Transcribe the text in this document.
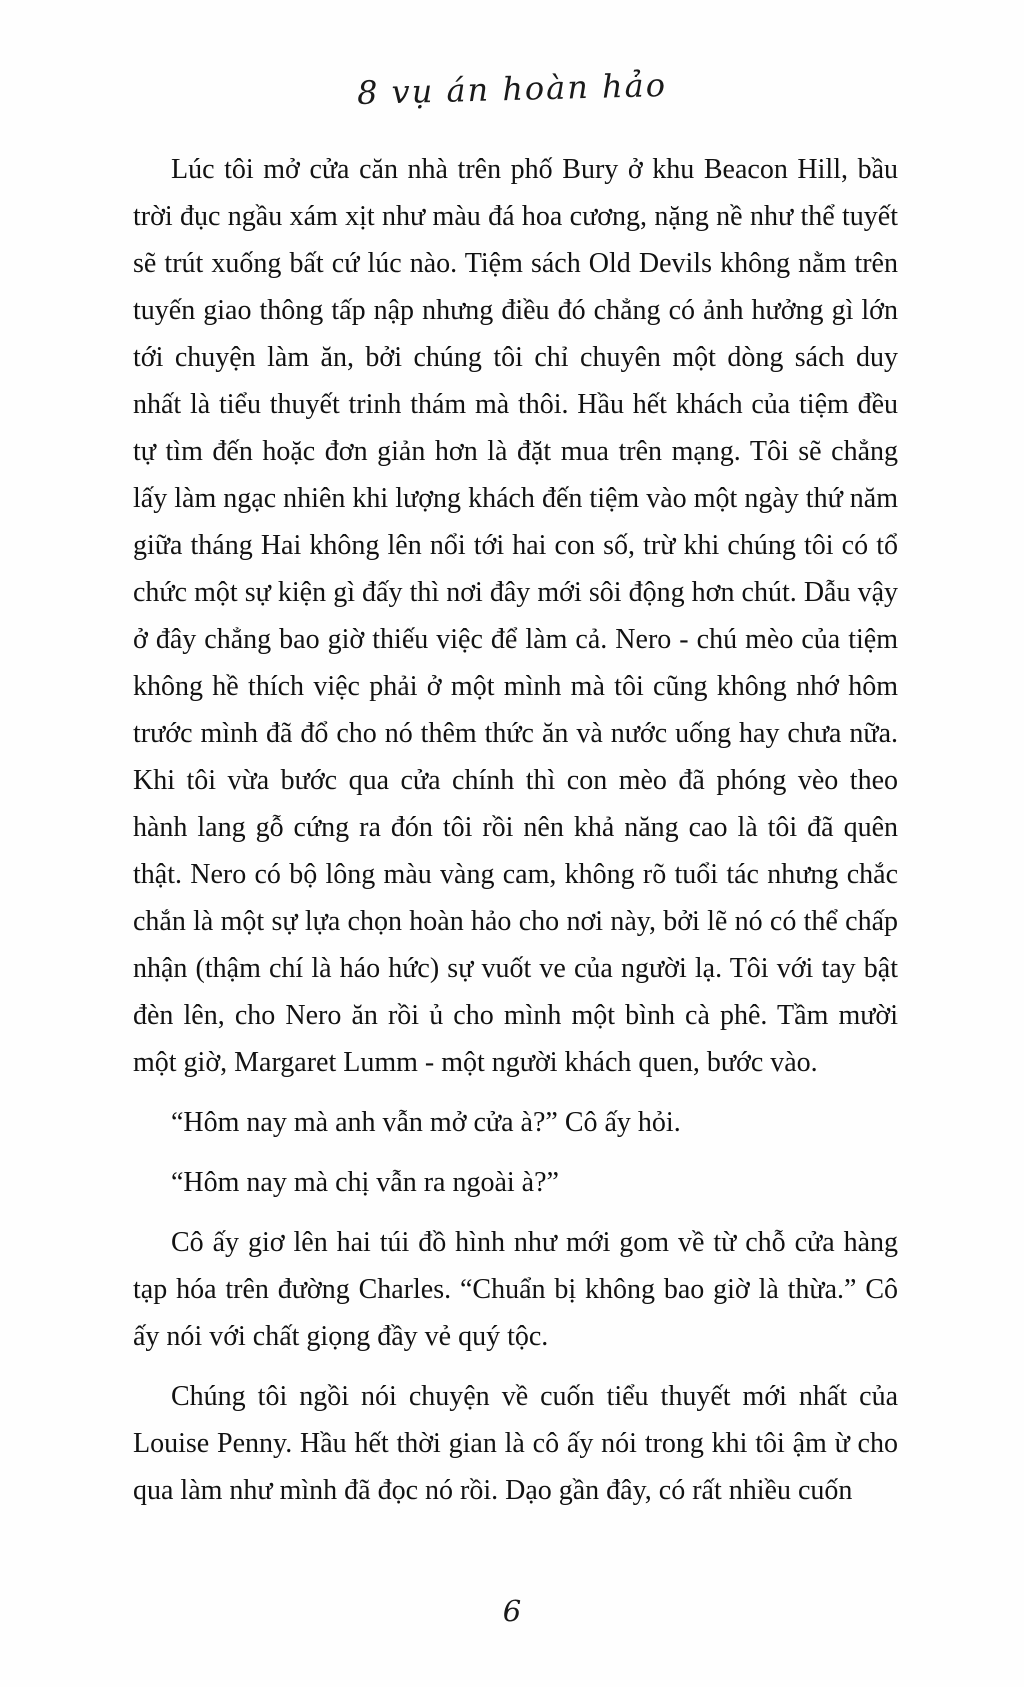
8 vụ án hoàn hảo

Lúc tôi mở cửa căn nhà trên phố Bury ở khu Beacon Hill, bầu trời đục ngầu xám xịt như màu đá hoa cương, nặng nề như thể tuyết sẽ trút xuống bất cứ lúc nào. Tiệm sách Old Devils không nằm trên tuyến giao thông tấp nập nhưng điều đó chẳng có ảnh hưởng gì lớn tới chuyện làm ăn, bởi chúng tôi chỉ chuyên một dòng sách duy nhất là tiểu thuyết trinh thám mà thôi. Hầu hết khách của tiệm đều tự tìm đến hoặc đơn giản hơn là đặt mua trên mạng. Tôi sẽ chẳng lấy làm ngạc nhiên khi lượng khách đến tiệm vào một ngày thứ năm giữa tháng Hai không lên nổi tới hai con số, trừ khi chúng tôi có tổ chức một sự kiện gì đấy thì nơi đây mới sôi động hơn chút. Dẫu vậy ở đây chẳng bao giờ thiếu việc để làm cả. Nero - chú mèo của tiệm không hề thích việc phải ở một mình mà tôi cũng không nhớ hôm trước mình đã đổ cho nó thêm thức ăn và nước uống hay chưa nữa. Khi tôi vừa bước qua cửa chính thì con mèo đã phóng vèo theo hành lang gỗ cứng ra đón tôi rồi nên khả năng cao là tôi đã quên thật. Nero có bộ lông màu vàng cam, không rõ tuổi tác nhưng chắc chắn là một sự lựa chọn hoàn hảo cho nơi này, bởi lẽ nó có thể chấp nhận (thậm chí là háo hức) sự vuốt ve của người lạ. Tôi với tay bật đèn lên, cho Nero ăn rồi ủ cho mình một bình cà phê. Tầm mười một giờ, Margaret Lumm - một người khách quen, bước vào.

“Hôm nay mà anh vẫn mở cửa à?” Cô ấy hỏi.

“Hôm nay mà chị vẫn ra ngoài à?”

Cô ấy giơ lên hai túi đồ hình như mới gom về từ chỗ cửa hàng tạp hóa trên đường Charles. “Chuẩn bị không bao giờ là thừa.” Cô ấy nói với chất giọng đầy vẻ quý tộc.

Chúng tôi ngồi nói chuyện về cuốn tiểu thuyết mới nhất của Louise Penny. Hầu hết thời gian là cô ấy nói trong khi tôi ậm ừ cho qua làm như mình đã đọc nó rồi. Dạo gần đây, có rất nhiều cuốn

6
